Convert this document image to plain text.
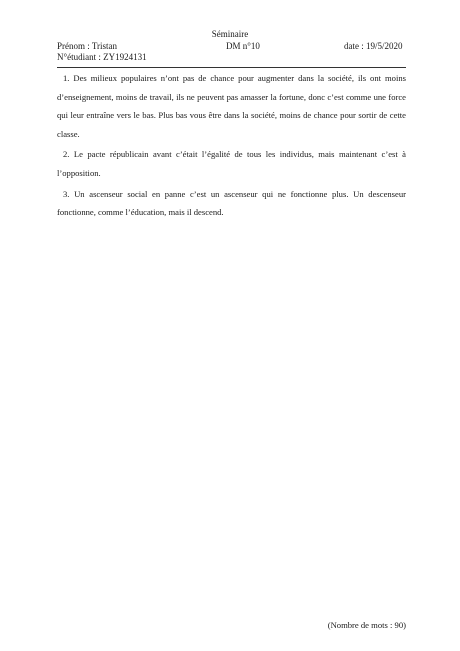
Séminaire
Prénom : Tristan	DM n°10	date : 19/5/2020
N°étudiant : ZY1924131

1. Des milieux populaires n’ont pas de chance pour augmenter dans la société, ils ont moins d’enseignement, moins de travail, ils ne peuvent pas amasser la fortune, donc c’est comme une force qui leur entraîne vers le bas. Plus bas vous être dans la société, moins de chance pour sortir de cette classe.

2. Le pacte républicain avant c’était l’égalité de tous les individus, mais maintenant c’est à l’opposition.

3. Un ascenseur social en panne c’est un ascenseur qui ne fonctionne plus. Un descenseur fonctionne, comme l’éducation, mais il descend.

(Nombre de mots : 90)
